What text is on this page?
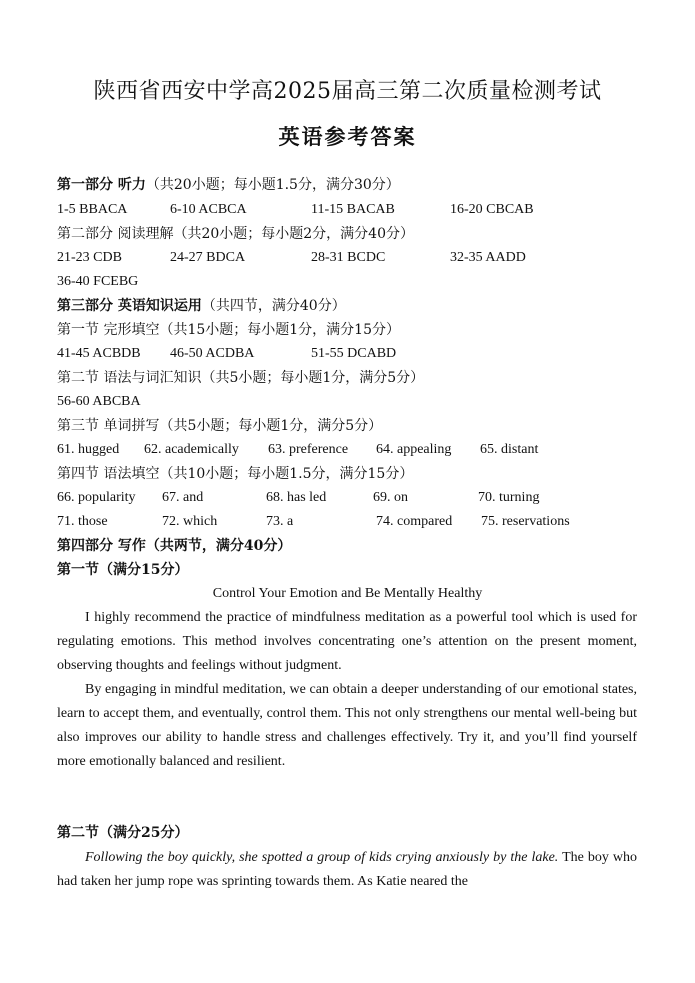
陕西省西安中学高2025届高三第二次质量检测考试
英语参考答案
第一部分 听力（共20小题；每小题1.5分，满分30分）
1-5 BBACA	6-10 ACBCA	11-15 BACAB	16-20 CBCAB
第二部分 阅读理解（共20小题；每小题2分，满分40分）
21-23 CDB	24-27 BDCA	28-31 BCDC	32-35 AADD
36-40 FCEBG
第三部分 英语知识运用（共四节，满分40分）
第一节 完形填空（共15小题；每小题1分，满分15分）
41-45 ACBDB 46-50 ACDBA	51-55 DCABD
第二节 语法与词汇知识（共5小题；每小题1分，满分5分）
56-60 ABCBA
第三节 单词拼写（共5小题；每小题1分，满分5分）
61. hugged 62. academically 63. preference 64. appealing 65. distant
第四节 语法填空（共10小题；每小题1.5分，满分15分）
66. popularity 67. and	68. has led	69. on	70. turning
71. those	72. which	73. a	74. compared 75. reservations
第四部分 写作（共两节，满分40分）
第一节（满分15分）
Control Your Emotion and Be Mentally Healthy

I highly recommend the practice of mindfulness meditation as a powerful tool which is used for regulating emotions. This method involves concentrating one’s attention on the present moment, observing thoughts and feelings without judgment.

By engaging in mindful meditation, we can obtain a deeper understanding of our emotional states, learn to accept them, and eventually, control them. This not only strengthens our mental well-being but also improves our ability to handle stress and challenges effectively. Try it, and you’ll find yourself more emotionally balanced and resilient.

第二节（满分25分）

Following the boy quickly, she spotted a group of kids crying anxiously by the lake. The boy who had taken her jump rope was sprinting towards them. As Katie neared the
